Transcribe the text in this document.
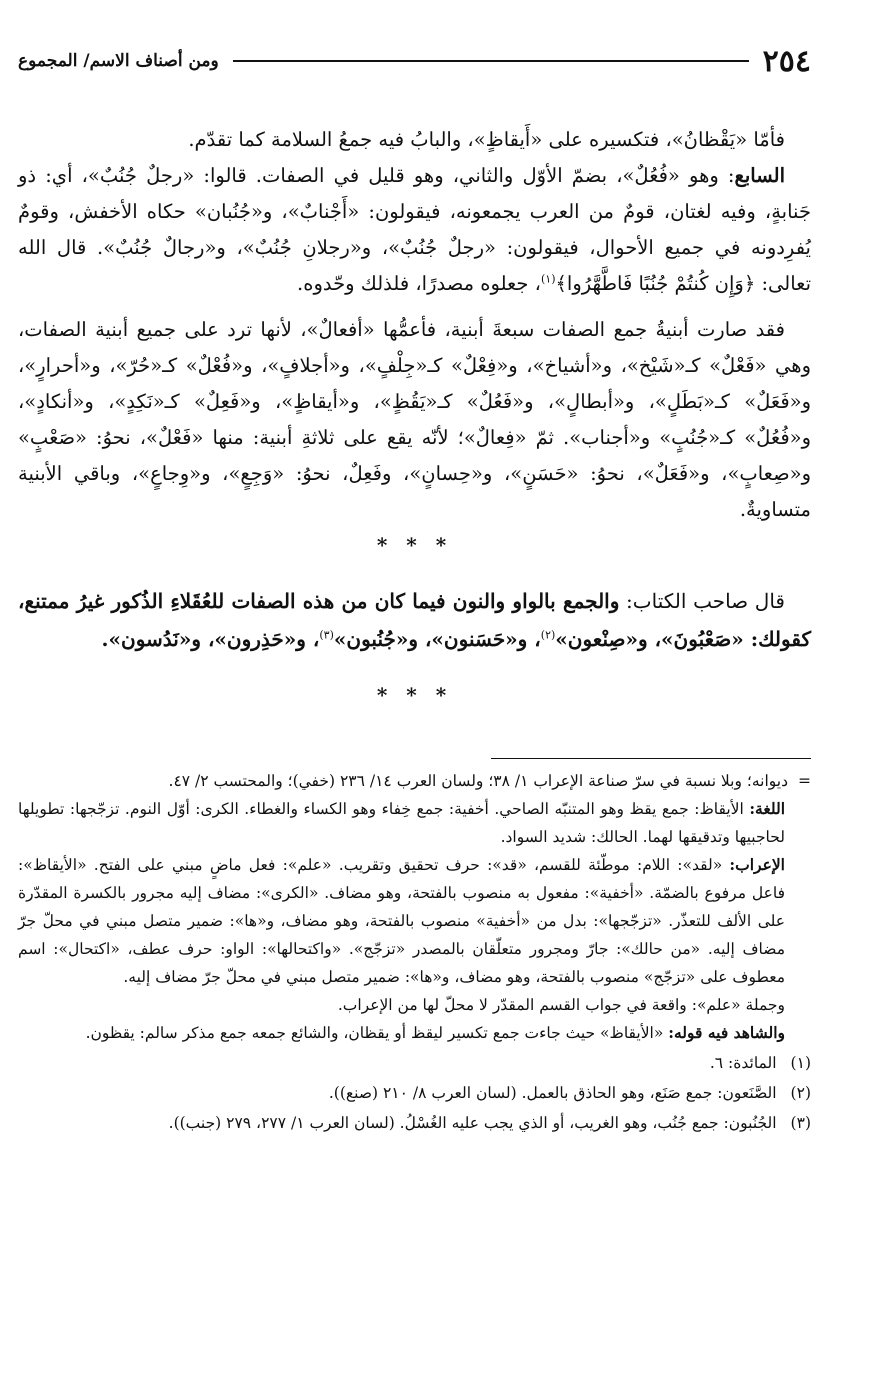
٢٥٤
ومن أصناف الاسم/ المجموع

فأمّا «يَقْظانُ»، فتكسيره على «أَيقاظٍ»، والبابُ فيه جمعُ السلامة كما تقدّم.

السابع: وهو «فُعُلٌ»، بضمّ الأوّل والثاني، وهو قليل في الصفات. قالوا: «رجلٌ جُنُبٌ»، أي: ذو جَنابةٍ، وفيه لغتان، قومٌ من العرب يجمعونه، فيقولون: «أَجْنابٌ»، و«جُنُبان» حكاه الأخفش، وقومٌ يُفرِدونه في جميع الأحوال، فيقولون: «رجلٌ جُنُبٌ»، و«رجلانِ جُنُبٌ»، و«رجالٌ جُنُبٌ». قال الله تعالى: ﴿وَإِن كُنتُمْ جُنُبًا فَاطَّهَّرُوا﴾$^{(١)}$، جعلوه مصدرًا، فلذلك وحّدوه.

فقد صارت أبنيةُ جمع الصفات سبعةَ أبنية، فأعمُّها «أفعالٌ»، لأنها ترد على جميع أبنية الصفات، وهي «فَعْلٌ» كـ«شَيْخ»، و«أشياخ»، و«فِعْلٌ» كـ«جِلْفٍ»، و«أجلافٍ»، و«فُعْلٌ» كـ«حُرّ»، و«أحرارٍ»، و«فَعَلٌ» كـ«بَطَلٍ»، و«أبطالٍ»، و«فَعُلٌ» كـ«يَقُظٍ»، و«أيقاظٍ»، و«فَعِلٌ» كـ«نَكِدٍ»، و«أنكادٍ»، و«فُعُلٌ» كـ«جُنُبٍ» و«أجناب». ثمّ «فِعالٌ»؛ لأنّه يقع على ثلاثةِ أبنية: منها «فَعْلٌ»، نحوُ: «صَعْبٍ» و«صِعابٍ»، و«فَعَلٌ»، نحوُ: «حَسَنٍ»، و«حِسانٍ»، وفَعِلٌ، نحوُ: «وَجِعٍ»، و«وِجاعٍ»، وباقي الأبنية متساويةٌ.

* * *

قال صاحب الكتاب: والجمع بالواو والنون فيما كان من هذه الصفات للعُقَلاءِ الذُكور غيرُ ممتنع، كقولك: «صَعْبُونَ»، و«صِنْعون»$^{(٢)}$، و«حَسَنون»، و«جُنُبون»$^{(٣)}$، و«حَذِرون»، و«نَدُسون».

* * *
=
ديوانه؛ وبلا نسبة في سرّ صناعة الإعراب ١/ ٣٨؛ ولسان العرب ١٤/ ٢٣٦ (خفي)؛ والمحتسب ٢/ ٤٧.

اللغة: الأيقاظ: جمع يقظ وهو المتنبّه الصاحي. أخفية: جمع خِفاء وهو الكساء والغطاء. الكرى: أوّل النوم. تزجّجها: تطويلها لحاجبيها وتدقيقها لهما. الحالك: شديد السواد.

الإعراب: «لقد»: اللام: موطّئة للقسم، «قد»: حرف تحقيق وتقريب. «علم»: فعل ماضٍ مبني على الفتح. «الأيقاظ»: فاعل مرفوع بالضمّة. «أخفية»: مفعول به منصوب بالفتحة، وهو مضاف. «الكرى»: مضاف إليه مجرور بالكسرة المقدّرة على الألف للتعذّر. «تزجّجها»: بدل من «أخفية» منصوب بالفتحة، وهو مضاف، و«ها»: ضمير متصل مبني في محلّ جرّ مضاف إليه. «من حالك»: جارّ ومجرور متعلّقان بالمصدر «تزجّج». «واكتحالها»: الواو: حرف عطف، «اكتحال»: اسم معطوف على «تزجّج» منصوب بالفتحة، وهو مضاف، و«ها»: ضمير متصل مبني في محلّ جرّ مضاف إليه.

وجملة «علم»: واقعة في جواب القسم المقدّر لا محلّ لها من الإعراب.

والشاهد فيه قوله: «الأيقاظ» حيث جاءت جمع تكسير ليقظ أو يقظان، والشائع جمعه جمع مذكر سالم: يقظون.

(١)
المائدة: ٦.
(٢)
الصَّنَعون: جمع صَنَع، وهو الحاذق بالعمل. (لسان العرب ٨/ ٢١٠ (صنع)).
(٣)
الجُنُبون: جمع جُنُب، وهو الغريب، أو الذي يجب عليه الغُسْلُ. (لسان العرب ١/ ٢٧٧، ٢٧٩ (جنب)).
